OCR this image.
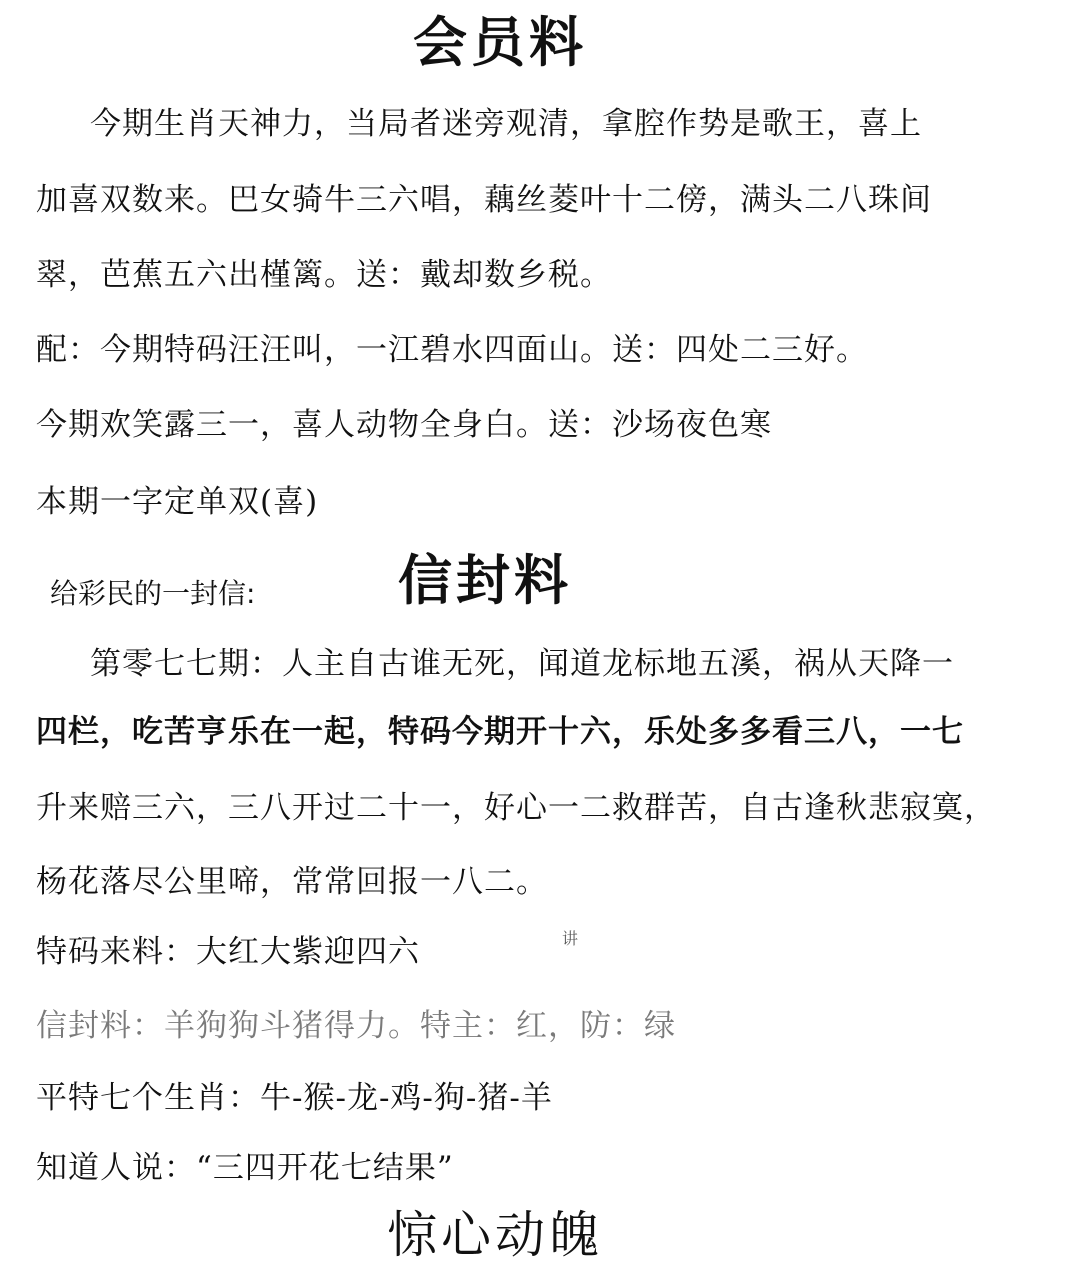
会员料
今期生肖天神力，当局者迷旁观清，拿腔作势是歌王，喜上
加喜双数来。巴女骑牛三六唱，藕丝菱叶十二傍，满头二八珠间
翠，芭蕉五六出槿篱。送：戴却数乡税。
配：今期特码汪汪叫，一江碧水四面山。送：四处二三好。
今期欢笑露三一，喜人动物全身白。送：沙场夜色寒
本期一字定单双(喜)
给彩民的一封信:	信封料
第零七七期：人主自古谁无死，闻道龙标地五溪，祸从天降一
四栏，吃苦亨乐在一起，特码今期开十六，乐处多多看三八，一七
升来赔三六，三八开过二十一，好心一二救群苦，自古逢秋悲寂寞，
杨花落尽公里啼，常常回报一八二。
特码来料：大红大紫迎四六	讲
信封料：羊狗狗斗猪得力。特主：红，防：绿
平特七个生肖：牛-猴-龙-鸡-狗-猪-羊
知道人说：“三四开花七结果”
惊心动魄
